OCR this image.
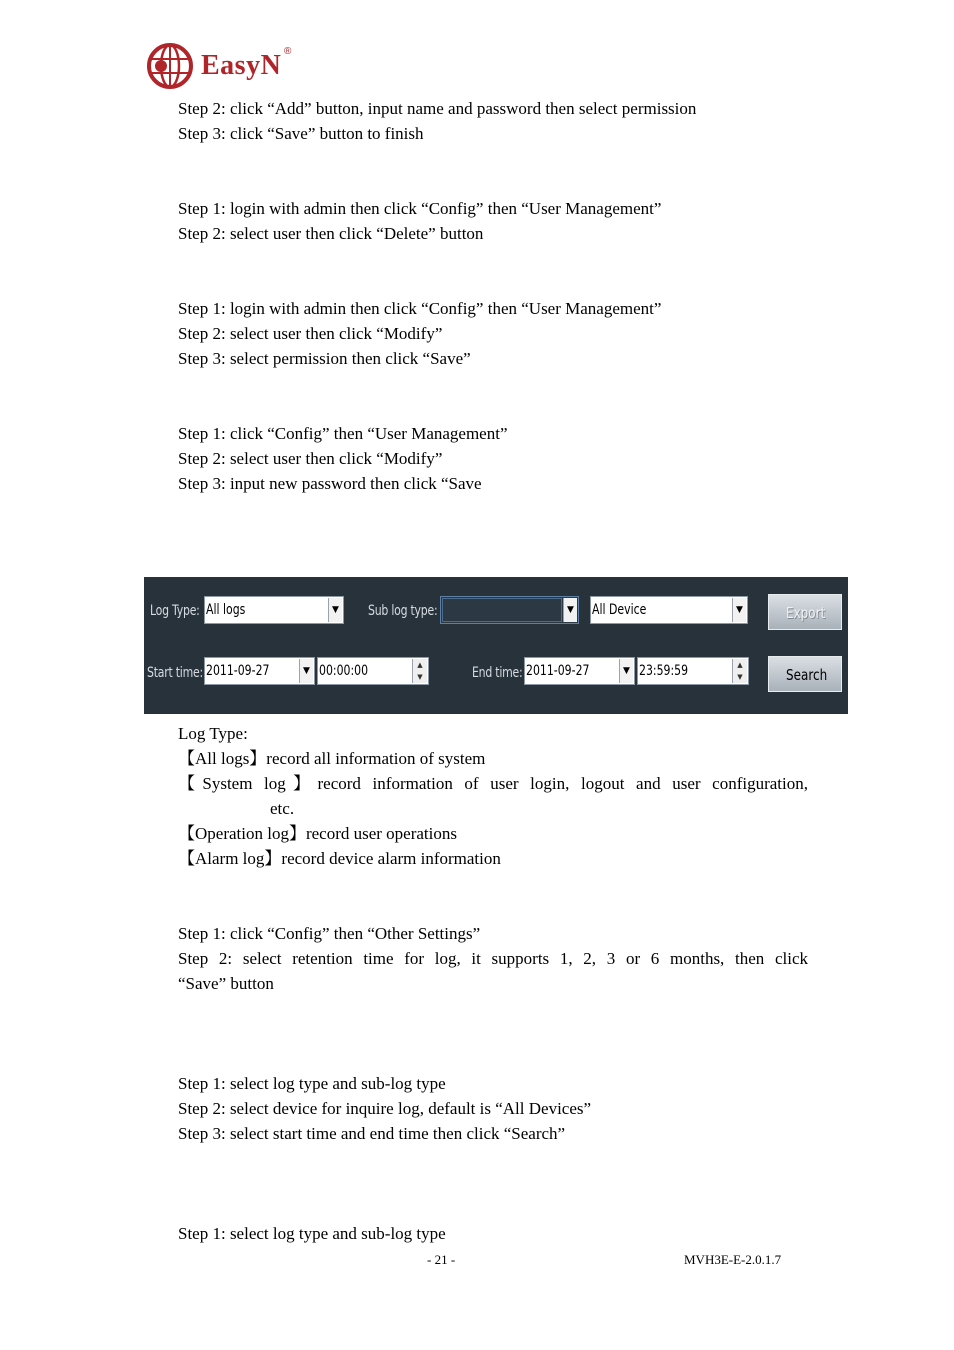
EasyN ®
Step 2: click “Add” button, input name and password then select permission
Step 3: click “Save” button to finish
Step 1: login with admin then click “Config” then “User Management”
Step 2: select user then click “Delete” button
Step 1: login with admin then click “Config” then “User Management”
Step 2: select user then click “Modify”
Step 3: select permission then click “Save”
Step 1: click “Config” then “User Management”
Step 2: select user then click “Modify”
Step 3: input new password then click “Save
Log Type: All logs	▼ Sub log type:	▼ All Device	▼	Export
Start time: 2011-09-27	▼ 00:00:00	▲
▼	End time: 2011-09-27	▼ 23:59:59	▲
▼	Search
Log Type:
【All logs】record all information of system
【System log】record information of user login, logout and user configuration,
etc.
【Operation log】record user operations
【Alarm log】record device alarm information
Step 1: click “Config” then “Other Settings”
Step 2: select retention time for log, it supports 1, 2, 3 or 6 months, then click
“Save” button
Step 1: select log type and sub-log type
Step 2: select device for inquire log, default is “All Devices”
Step 3: select start time and end time then click “Search”
Step 1: select log type and sub-log type
- 21 -	MVH3E-E-2.0.1.7
